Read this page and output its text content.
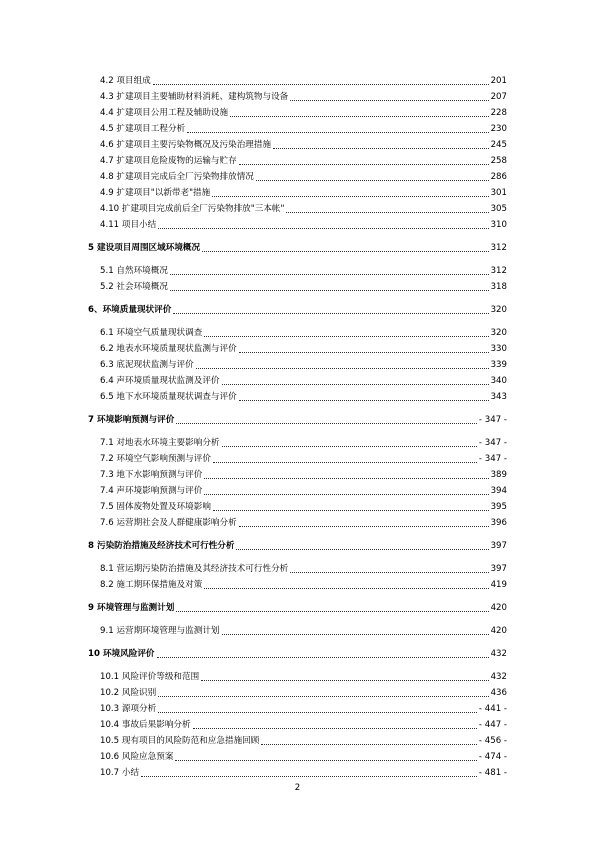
4.2 项目组成	201
4.3 扩建项目主要辅助材料消耗、建构筑物与设备	207
4.4 扩建项目公用工程及辅助设施	228
4.5 扩建项目工程分析	230
4.6 扩建项目主要污染物概况及污染治理措施	245
4.7 扩建项目危险废物的运输与贮存	258
4.8 扩建项目完成后全厂污染物排放情况	286
4.9 扩建项目"以新带老"措施	301
4.10 扩建项目完成前后全厂污染物排放"三本帐"	305
4.11 项目小结	310
5 建设项目周围区域环境概况	312
5.1 自然环境概况	312
5.2 社会环境概况	318
6、环境质量现状评价	320
6.1 环境空气质量现状调查	320
6.2 地表水环境质量现状监测与评价	330
6.3 底泥现状监测与评价	339
6.4 声环境质量现状监测及评价	340
6.5 地下水环境质量现状调查与评价	343
7 环境影响预测与评价	- 347 -
7.1 对地表水环境主要影响分析	- 347 -
7.2 环境空气影响预测与评价	- 347 -
7.3 地下水影响预测与评价	389
7.4 声环境影响预测与评价	394
7.5 固体废物处置及环境影响	395
7.6 运营期社会及人群健康影响分析	396
8 污染防治措施及经济技术可行性分析	397
8.1 营运期污染防治措施及其经济技术可行性分析	397
8.2 施工期环保措施及对策	419
9 环境管理与监测计划	420
9.1 运营期环境管理与监测计划	420
10 环境风险评价	432
10.1 风险评价等级和范围	432
10.2 风险识别	436
10.3 源项分析	- 441 -
10.4 事故后果影响分析	- 447 -
10.5 现有项目的风险防范和应急措施回顾	- 456 -
10.6 风险应急预案	- 474 -
10.7 小结	- 481 -
2
